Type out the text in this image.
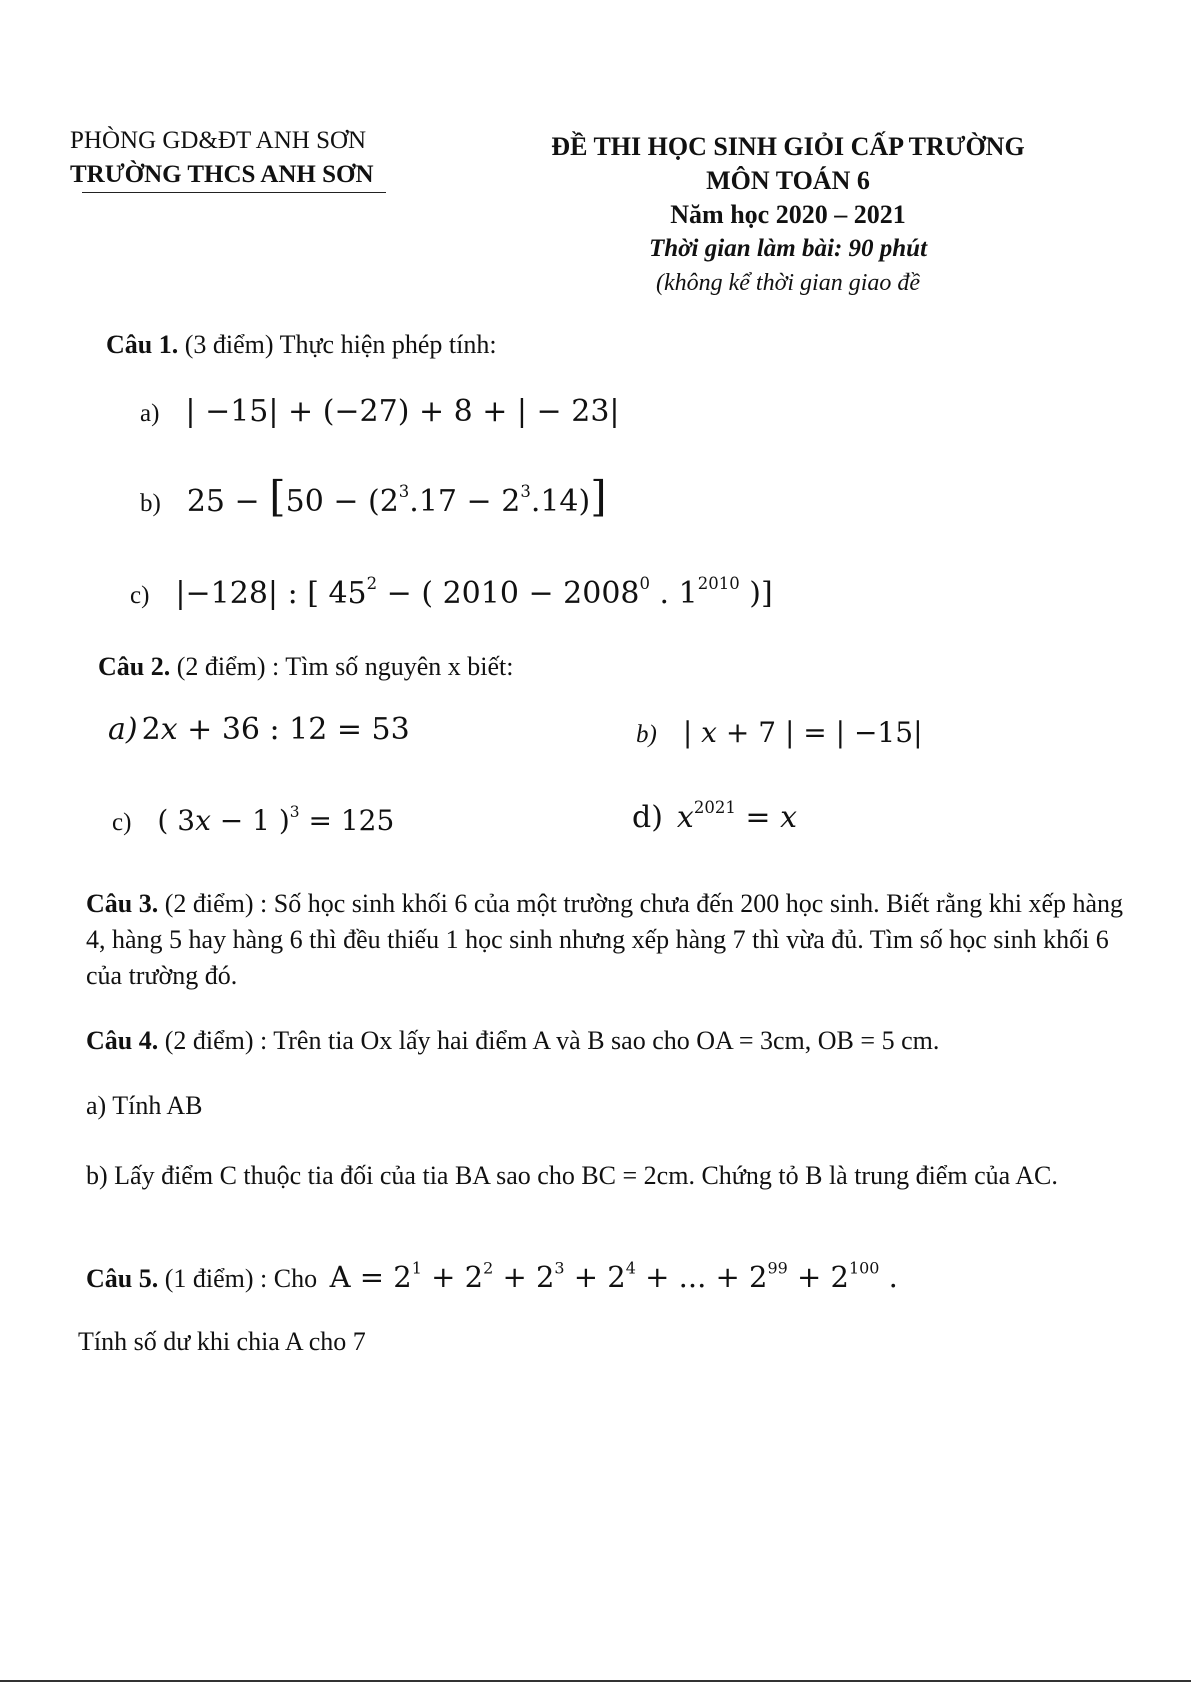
PHÒNG GD&ĐT ANH SƠN
TRƯỜNG THCS ANH SƠN
ĐỀ THI HỌC SINH GIỎI CẤP TRƯỜNG
MÔN TOÁN 6
Năm học 2020 – 2021
Thời gian làm bài: 90 phút
(không kể thời gian giao đề
Câu 1. (3 điểm) Thực hiện phép tính:
a) | −15| + (−27) + 8 + | − 23|
b) $25 - [50 - (2^3.17 - 2^3.14)]$
c) |−128| : [ $45^2$ − ( $2010 - 2008^0$ . $1^{2010}$ )]
Câu 2. (2 điểm) : Tìm số nguyên x biết:
a) 2x + 36 : 12 = 53	b) | x + 7 | = | −15|
c) ( 3x − 1 )$^3$ = 125	d) $x^{2021} = x$
Câu 3. (2 điểm) : Số học sinh khối 6 của một trường chưa đến 200 học sinh. Biết rằng khi xếp hàng 4, hàng 5 hay hàng 6 thì đều thiếu 1 học sinh nhưng xếp hàng 7 thì vừa đủ. Tìm số học sinh khối 6 của trường đó.
Câu 4. (2 điểm) : Trên tia Ox lấy hai điểm A và B sao cho OA = 3cm, OB = 5 cm.
a) Tính AB
b) Lấy điểm C thuộc tia đối của tia BA sao cho BC = 2cm. Chứng tỏ B là trung điểm của AC.
Câu 5. (1 điểm) : Cho $A = 2^1 + 2^2 + 2^3 + 2^4$ + ... + $2^{99} + 2^{100}$ .
Tính số dư khi chia A cho 7
